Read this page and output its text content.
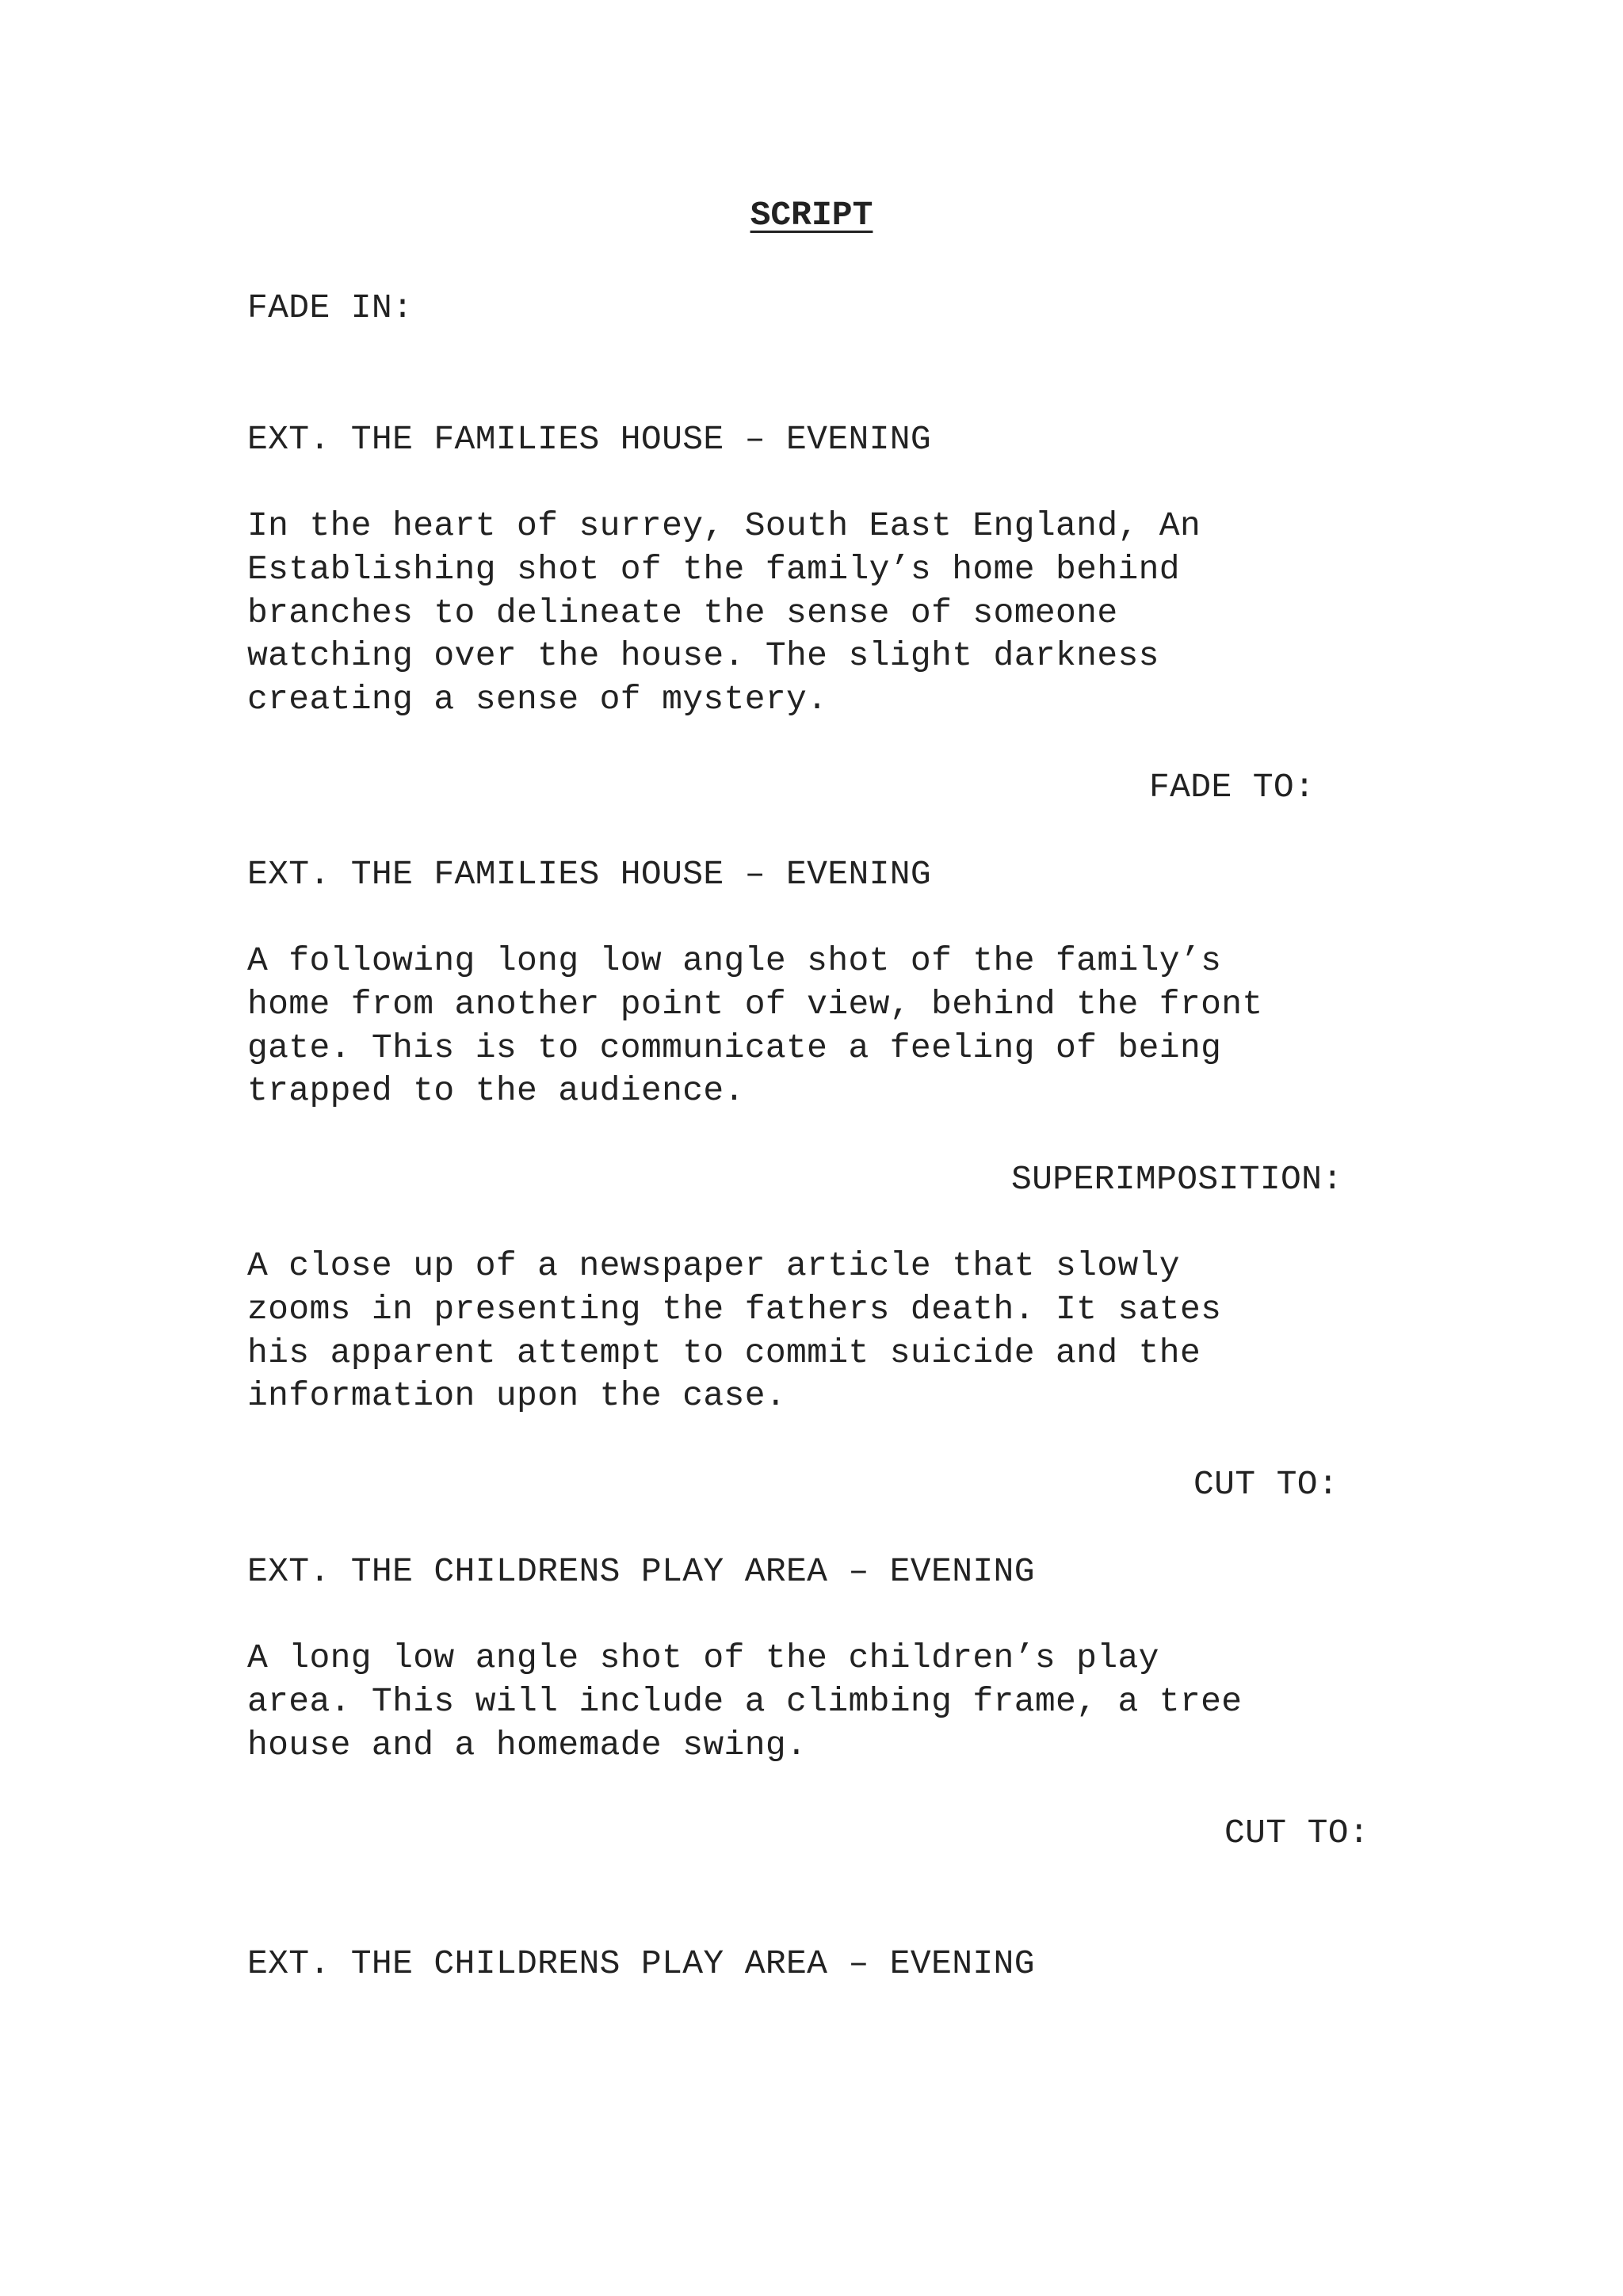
SCRIPT

FADE IN:

EXT. THE FAMILIES HOUSE – EVENING

In the heart of surrey, South East England, An
Establishing shot of the family’s home behind
branches to delineate the sense of someone
watching over the house. The slight darkness
creating a sense of mystery.

FADE TO:

EXT. THE FAMILIES HOUSE – EVENING

A following long low angle shot of the family’s
home from another point of view, behind the front
gate. This is to communicate a feeling of being
trapped to the audience.

SUPERIMPOSITION:

A close up of a newspaper article that slowly
zooms in presenting the fathers death. It sates
his apparent attempt to commit suicide and the
information upon the case.

CUT TO:

EXT. THE CHILDRENS PLAY AREA – EVENING

A long low angle shot of the children’s play
area. This will include a climbing frame, a tree
house and a homemade swing.

CUT TO:

EXT. THE CHILDRENS PLAY AREA – EVENING
